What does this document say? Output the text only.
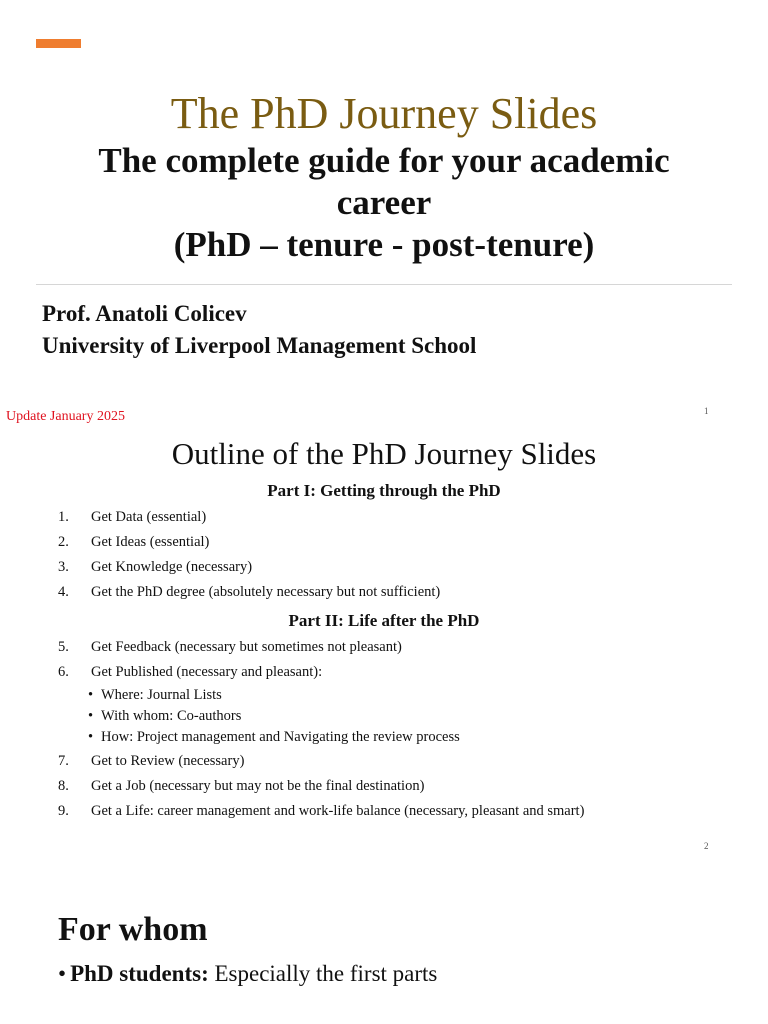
The PhD Journey Slides
The complete guide for your academic
career
(PhD – tenure - post-tenure)
Prof. Anatoli Colicev
University of Liverpool Management School
Update January 2025	1
Outline of the PhD Journey Slides
Part I: Getting through the PhD
1.	Get Data (essential)
2.	Get Ideas (essential)
3.	Get Knowledge (necessary)
4.	Get the PhD degree (absolutely necessary but not sufficient)
Part II: Life after the PhD
5.	Get Feedback (necessary but sometimes not pleasant)
6.	Get Published (necessary and pleasant):
• Where: Journal Lists
• With whom: Co-authors
• How: Project management and Navigating the review process
7.	Get to Review (necessary)
8.	Get a Job (necessary but may not be the final destination)
9.	Get a Life: career management and work-life balance (necessary, pleasant and smart)
2
For whom
• PhD students: Especially the first parts
